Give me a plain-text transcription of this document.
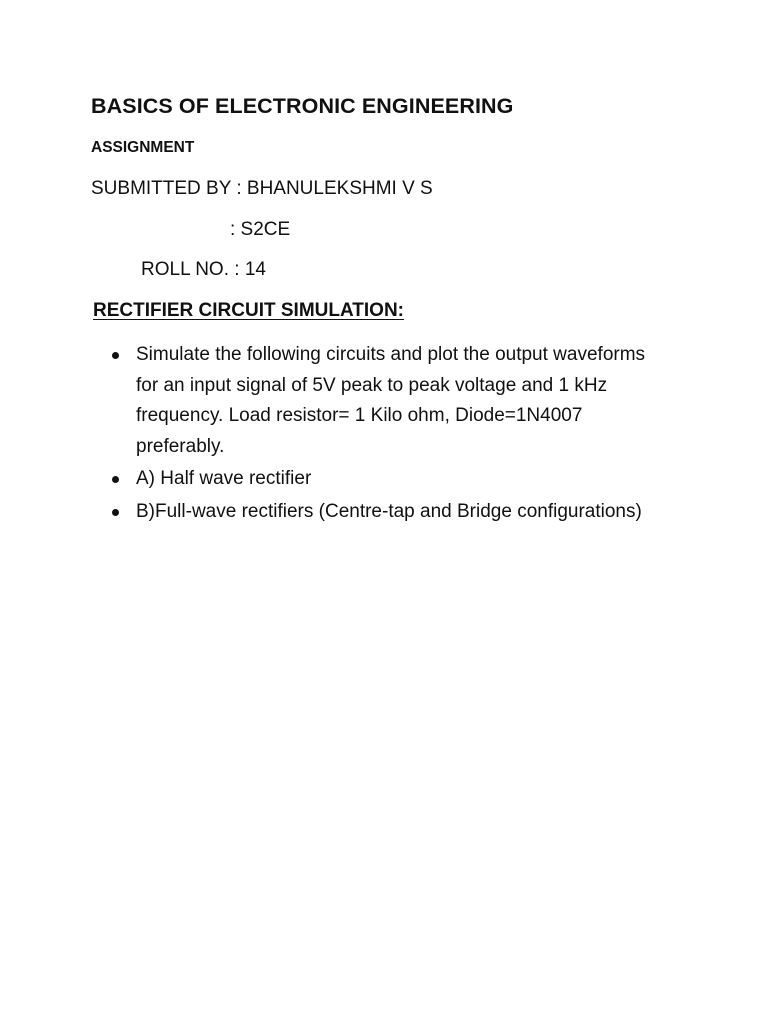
BASICS OF ELECTRONIC ENGINEERING
ASSIGNMENT
SUBMITTED BY : BHANULEKSHMI V S
: S2CE
ROLL NO. : 14
RECTIFIER CIRCUIT SIMULATION:
Simulate the following circuits and plot the output waveforms for an input signal of 5V peak to peak voltage and 1 kHz frequency. Load resistor= 1 Kilo ohm, Diode=1N4007 preferably.
A) Half wave rectifier
B)Full-wave rectifiers (Centre-tap and Bridge configurations)
